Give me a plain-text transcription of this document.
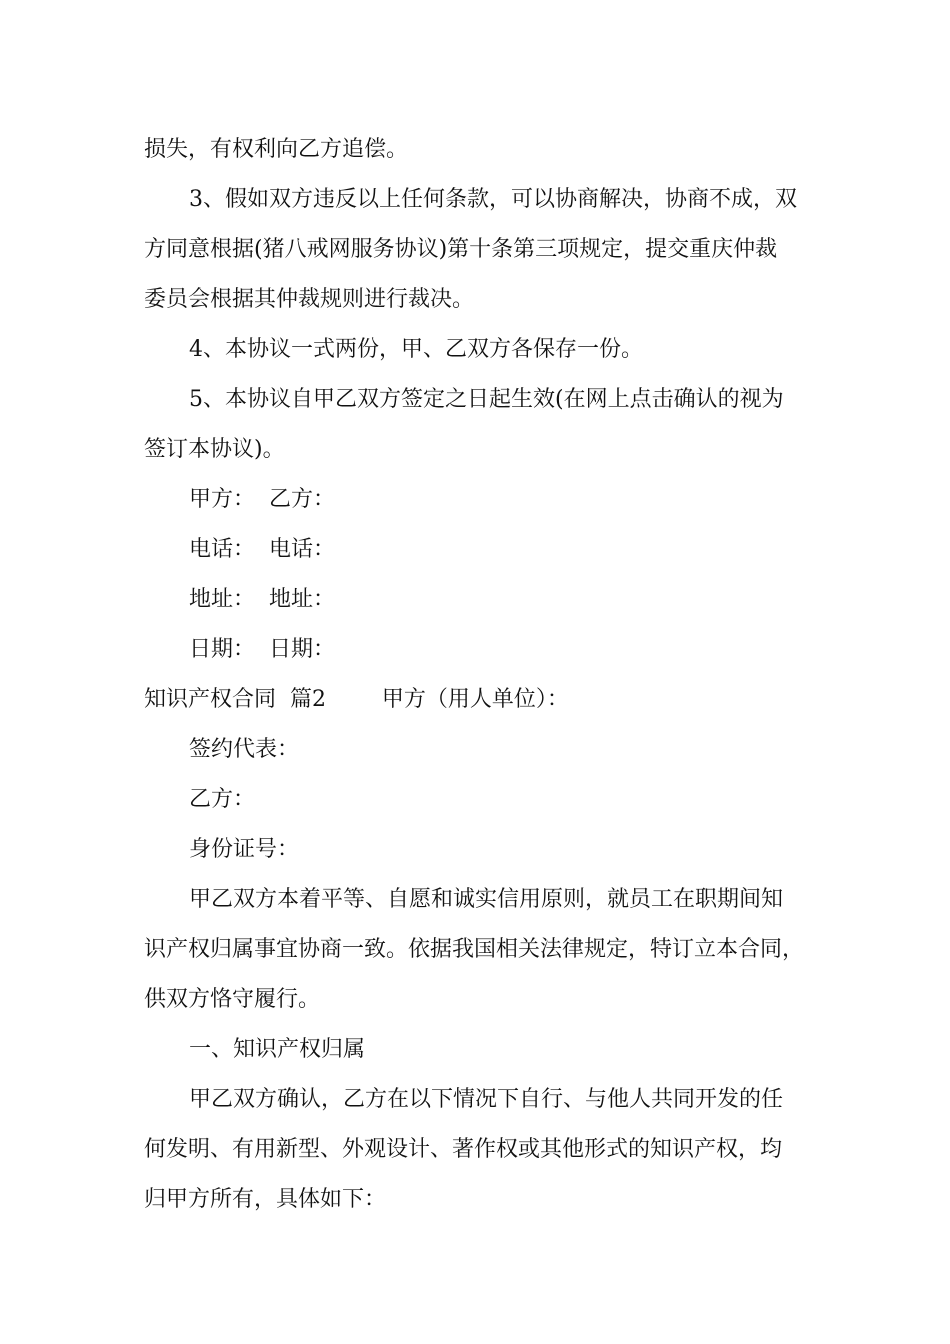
损失，有权利向乙方追偿。
3、假如双方违反以上任何条款，可以协商解决，协商不成，双
方同意根据(猪八戒网服务协议)第十条第三项规定，提交重庆仲裁
委员会根据其仲裁规则进行裁决。
4、本协议一式两份，甲、乙双方各保存一份。
5、本协议自甲乙双方签定之日起生效(在网上点击确认的视为
签订本协议)。
甲方：  乙方：
电话：  电话：
地址：  地址：
日期：  日期：
知识产权合同  篇2        甲方（用人单位）：
签约代表：
乙方：
身份证号：
甲乙双方本着平等、自愿和诚实信用原则，就员工在职期间知
识产权归属事宜协商一致。依据我国相关法律规定，特订立本合同，
供双方恪守履行。
一、知识产权归属
甲乙双方确认，乙方在以下情况下自行、与他人共同开发的任
何发明、有用新型、外观设计、著作权或其他形式的知识产权，均
归甲方所有，具体如下：
